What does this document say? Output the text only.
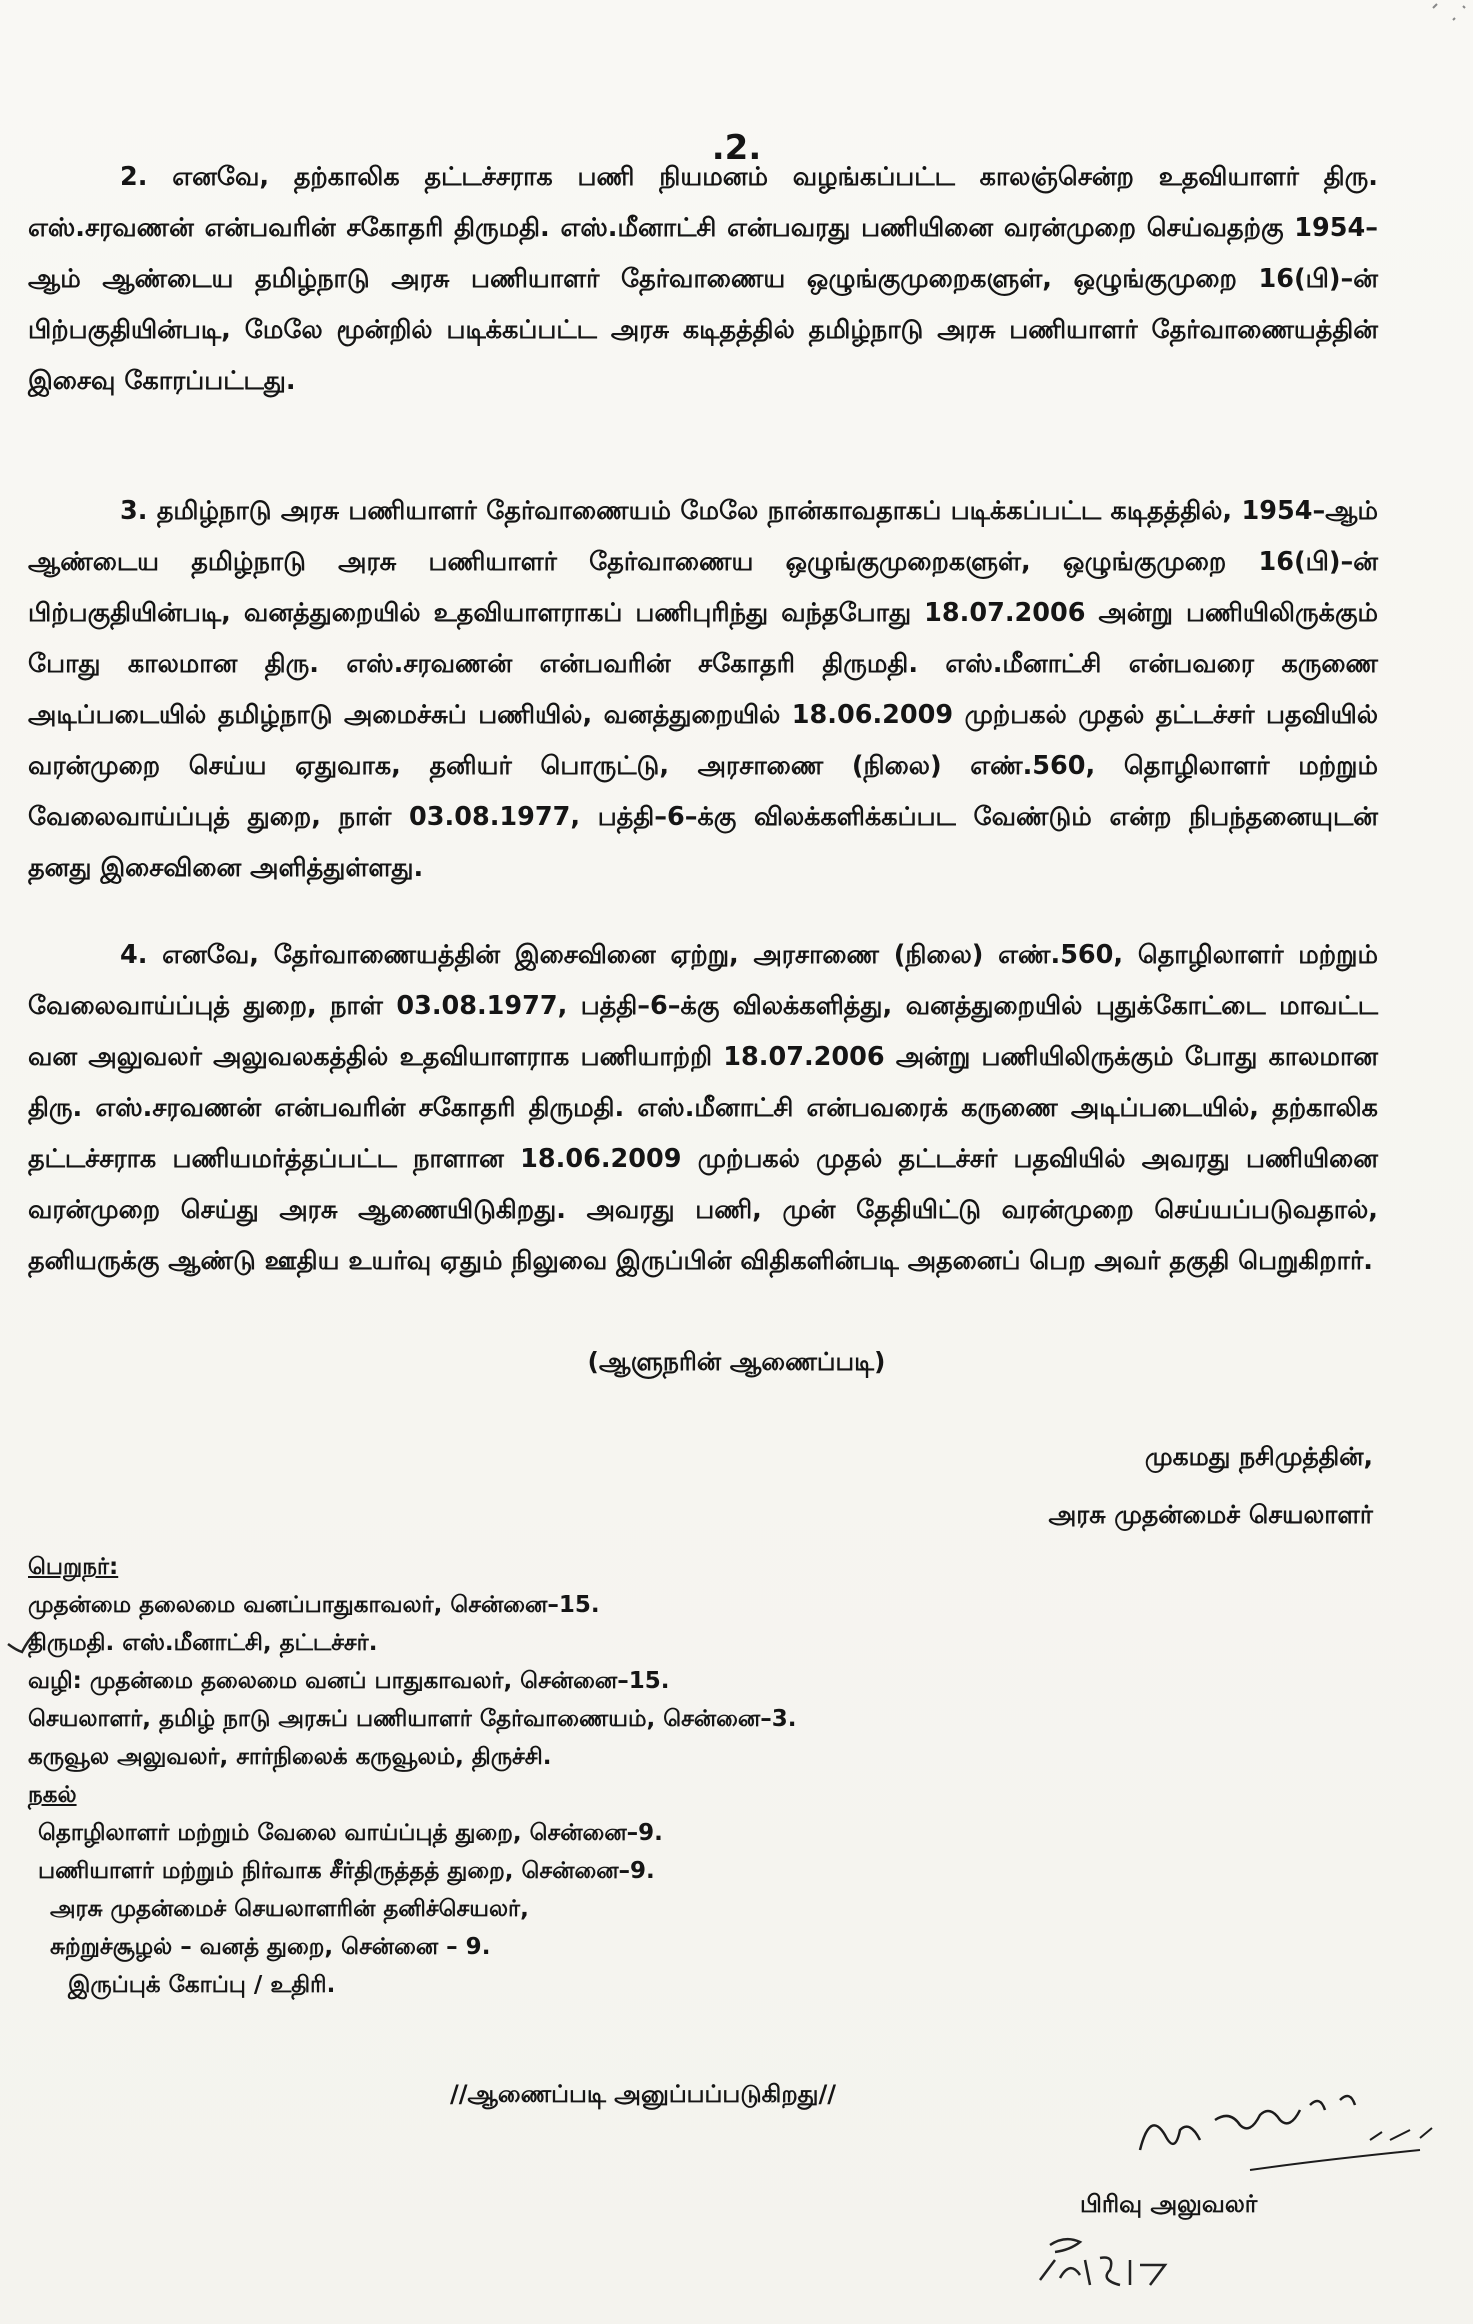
.2.
2. எனவே, தற்காலிக தட்டச்சராக பணி நியமனம் வழங்கப்பட்ட காலஞ்சென்ற உதவியாளர் திரு. எஸ்.சரவணன் என்பவரின் சகோதரி திருமதி. எஸ்.மீனாட்சி என்பவரது பணியினை வரன்முறை செய்வதற்கு 1954–ஆம் ஆண்டைய தமிழ்நாடு அரசு பணியாளர் தேர்வாணைய ஒழுங்குமுறைகளுள், ஒழுங்குமுறை 16(பி)–ன் பிற்பகுதியின்படி, மேலே மூன்றில் படிக்கப்பட்ட அரசு கடிதத்தில் தமிழ்நாடு அரசு பணியாளர் தேர்வாணையத்தின் இசைவு கோரப்பட்டது.
3. தமிழ்நாடு அரசு பணியாளர் தேர்வாணையம் மேலே நான்காவதாகப் படிக்கப்பட்ட கடிதத்தில், 1954–ஆம் ஆண்டைய தமிழ்நாடு அரசு பணியாளர் தேர்வாணைய ஒழுங்குமுறைகளுள், ஒழுங்குமுறை 16(பி)–ன் பிற்பகுதியின்படி, வனத்துறையில் உதவியாளராகப் பணிபுரிந்து வந்தபோது 18.07.2006 அன்று பணியிலிருக்கும் போது காலமான திரு. எஸ்.சரவணன் என்பவரின் சகோதரி திருமதி. எஸ்.மீனாட்சி என்பவரை கருணை அடிப்படையில் தமிழ்நாடு அமைச்சுப் பணியில், வனத்துறையில் 18.06.2009 முற்பகல் முதல் தட்டச்சர் பதவியில் வரன்முறை செய்ய ஏதுவாக, தனியர் பொருட்டு, அரசாணை (நிலை) எண்.560, தொழிலாளர் மற்றும் வேலைவாய்ப்புத் துறை, நாள் 03.08.1977, பத்தி–6–க்கு விலக்களிக்கப்பட வேண்டும் என்ற நிபந்தனையுடன் தனது இசைவினை அளித்துள்ளது.
4. எனவே, தேர்வாணையத்தின் இசைவினை ஏற்று, அரசாணை (நிலை) எண்.560, தொழிலாளர் மற்றும் வேலைவாய்ப்புத் துறை, நாள் 03.08.1977, பத்தி–6–க்கு விலக்களித்து, வனத்துறையில் புதுக்கோட்டை மாவட்ட வன அலுவலர் அலுவலகத்தில் உதவியாளராக பணியாற்றி 18.07.2006 அன்று பணியிலிருக்கும் போது காலமான திரு. எஸ்.சரவணன் என்பவரின் சகோதரி திருமதி. எஸ்.மீனாட்சி என்பவரைக் கருணை அடிப்படையில், தற்காலிக தட்டச்சராக பணியமர்த்தப்பட்ட நாளான 18.06.2009 முற்பகல் முதல் தட்டச்சர் பதவியில் அவரது பணியினை வரன்முறை செய்து அரசு ஆணையிடுகிறது. அவரது பணி, முன் தேதியிட்டு வரன்முறை செய்யப்படுவதால், தனியருக்கு ஆண்டு ஊதிய உயர்வு ஏதும் நிலுவை இருப்பின் விதிகளின்படி அதனைப் பெற அவர் தகுதி பெறுகிறார்.
(ஆளுநரின் ஆணைப்படி)
முகமது நசிமுத்தின்,
அரசு முதன்மைச் செயலாளர்
பெறுநர்:
முதன்மை தலைமை வனப்பாதுகாவலர், சென்னை–15.
திருமதி. எஸ்.மீனாட்சி, தட்டச்சர்.
வழி: முதன்மை தலைமை வனப் பாதுகாவலர், சென்னை–15.
செயலாளர், தமிழ் நாடு அரசுப் பணியாளர் தேர்வாணையம், சென்னை–3.
கருவூல அலுவலர், சார்நிலைக் கருவூலம், திருச்சி.
நகல்
தொழிலாளர் மற்றும் வேலை வாய்ப்புத் துறை, சென்னை–9.
பணியாளர் மற்றும் நிர்வாக சீர்திருத்தத் துறை, சென்னை–9.
அரசு முதன்மைச் செயலாளரின் தனிச்செயலர்,
சுற்றுச்சூழல் – வனத் துறை, சென்னை – 9.
இருப்புக் கோப்பு / உதிரி.
//ஆணைப்படி அனுப்பப்படுகிறது//
பிரிவு அலுவலர்
